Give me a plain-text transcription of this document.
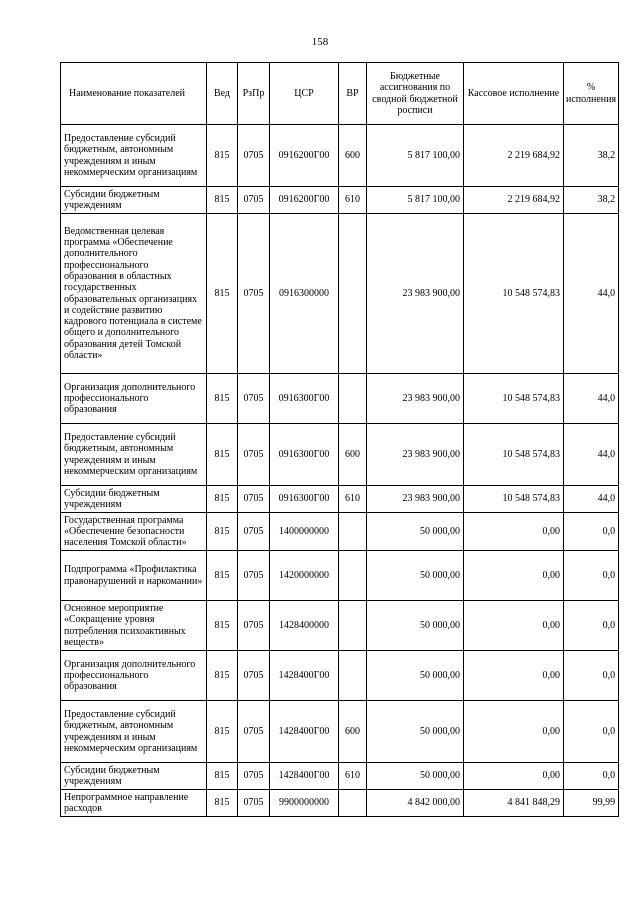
158
Наименование показателей	Вед	РзПр	ЦСР	ВР	Бюджетные ассигнования по сводной бюджетной росписи	Кассовое исполнение	% исполнения
Предоставление субсидий бюджетным, автономным учреждениям и иным некоммерческим организациям	815	0705	0916200Г00	600	5 817 100,00	2 219 684,92	38,2
Субсидии бюджетным учреждениям	815	0705	0916200Г00	610	5 817 100,00	2 219 684,92	38,2
Ведомственная целевая программа «Обеспечение дополнительного профессионального образования в областных государственных образовательных организациях и содействие развитию кадрового потенциала в системе общего и дополнительного образования детей Томской области»	815	0705	0916300000		23 983 900,00	10 548 574,83	44,0
Организация дополнительного профессионального образования	815	0705	0916300Г00		23 983 900,00	10 548 574,83	44,0
Предоставление субсидий бюджетным, автономным учреждениям и иным некоммерческим организациям	815	0705	0916300Г00	600	23 983 900,00	10 548 574,83	44,0
Субсидии бюджетным учреждениям	815	0705	0916300Г00	610	23 983 900,00	10 548 574,83	44,0
Государственная программа «Обеспечение безопасности населения Томской области»	815	0705	1400000000		50 000,00	0,00	0,0
Подпрограмма «Профилактика правонарушений и наркомании»	815	0705	1420000000		50 000,00	0,00	0,0
Основное мероприятие «Сокращение уровня потребления психоактивных веществ»	815	0705	1428400000		50 000,00	0,00	0,0
Организация дополнительного профессионального образования	815	0705	1428400Г00		50 000,00	0,00	0,0
Предоставление субсидий бюджетным, автономным учреждениям и иным некоммерческим организациям	815	0705	1428400Г00	600	50 000,00	0,00	0,0
Субсидии бюджетным учреждениям	815	0705	1428400Г00	610	50 000,00	0,00	0,0
Непрограммное направление расходов	815	0705	9900000000		4 842 000,00	4 841 848,29	99,99
